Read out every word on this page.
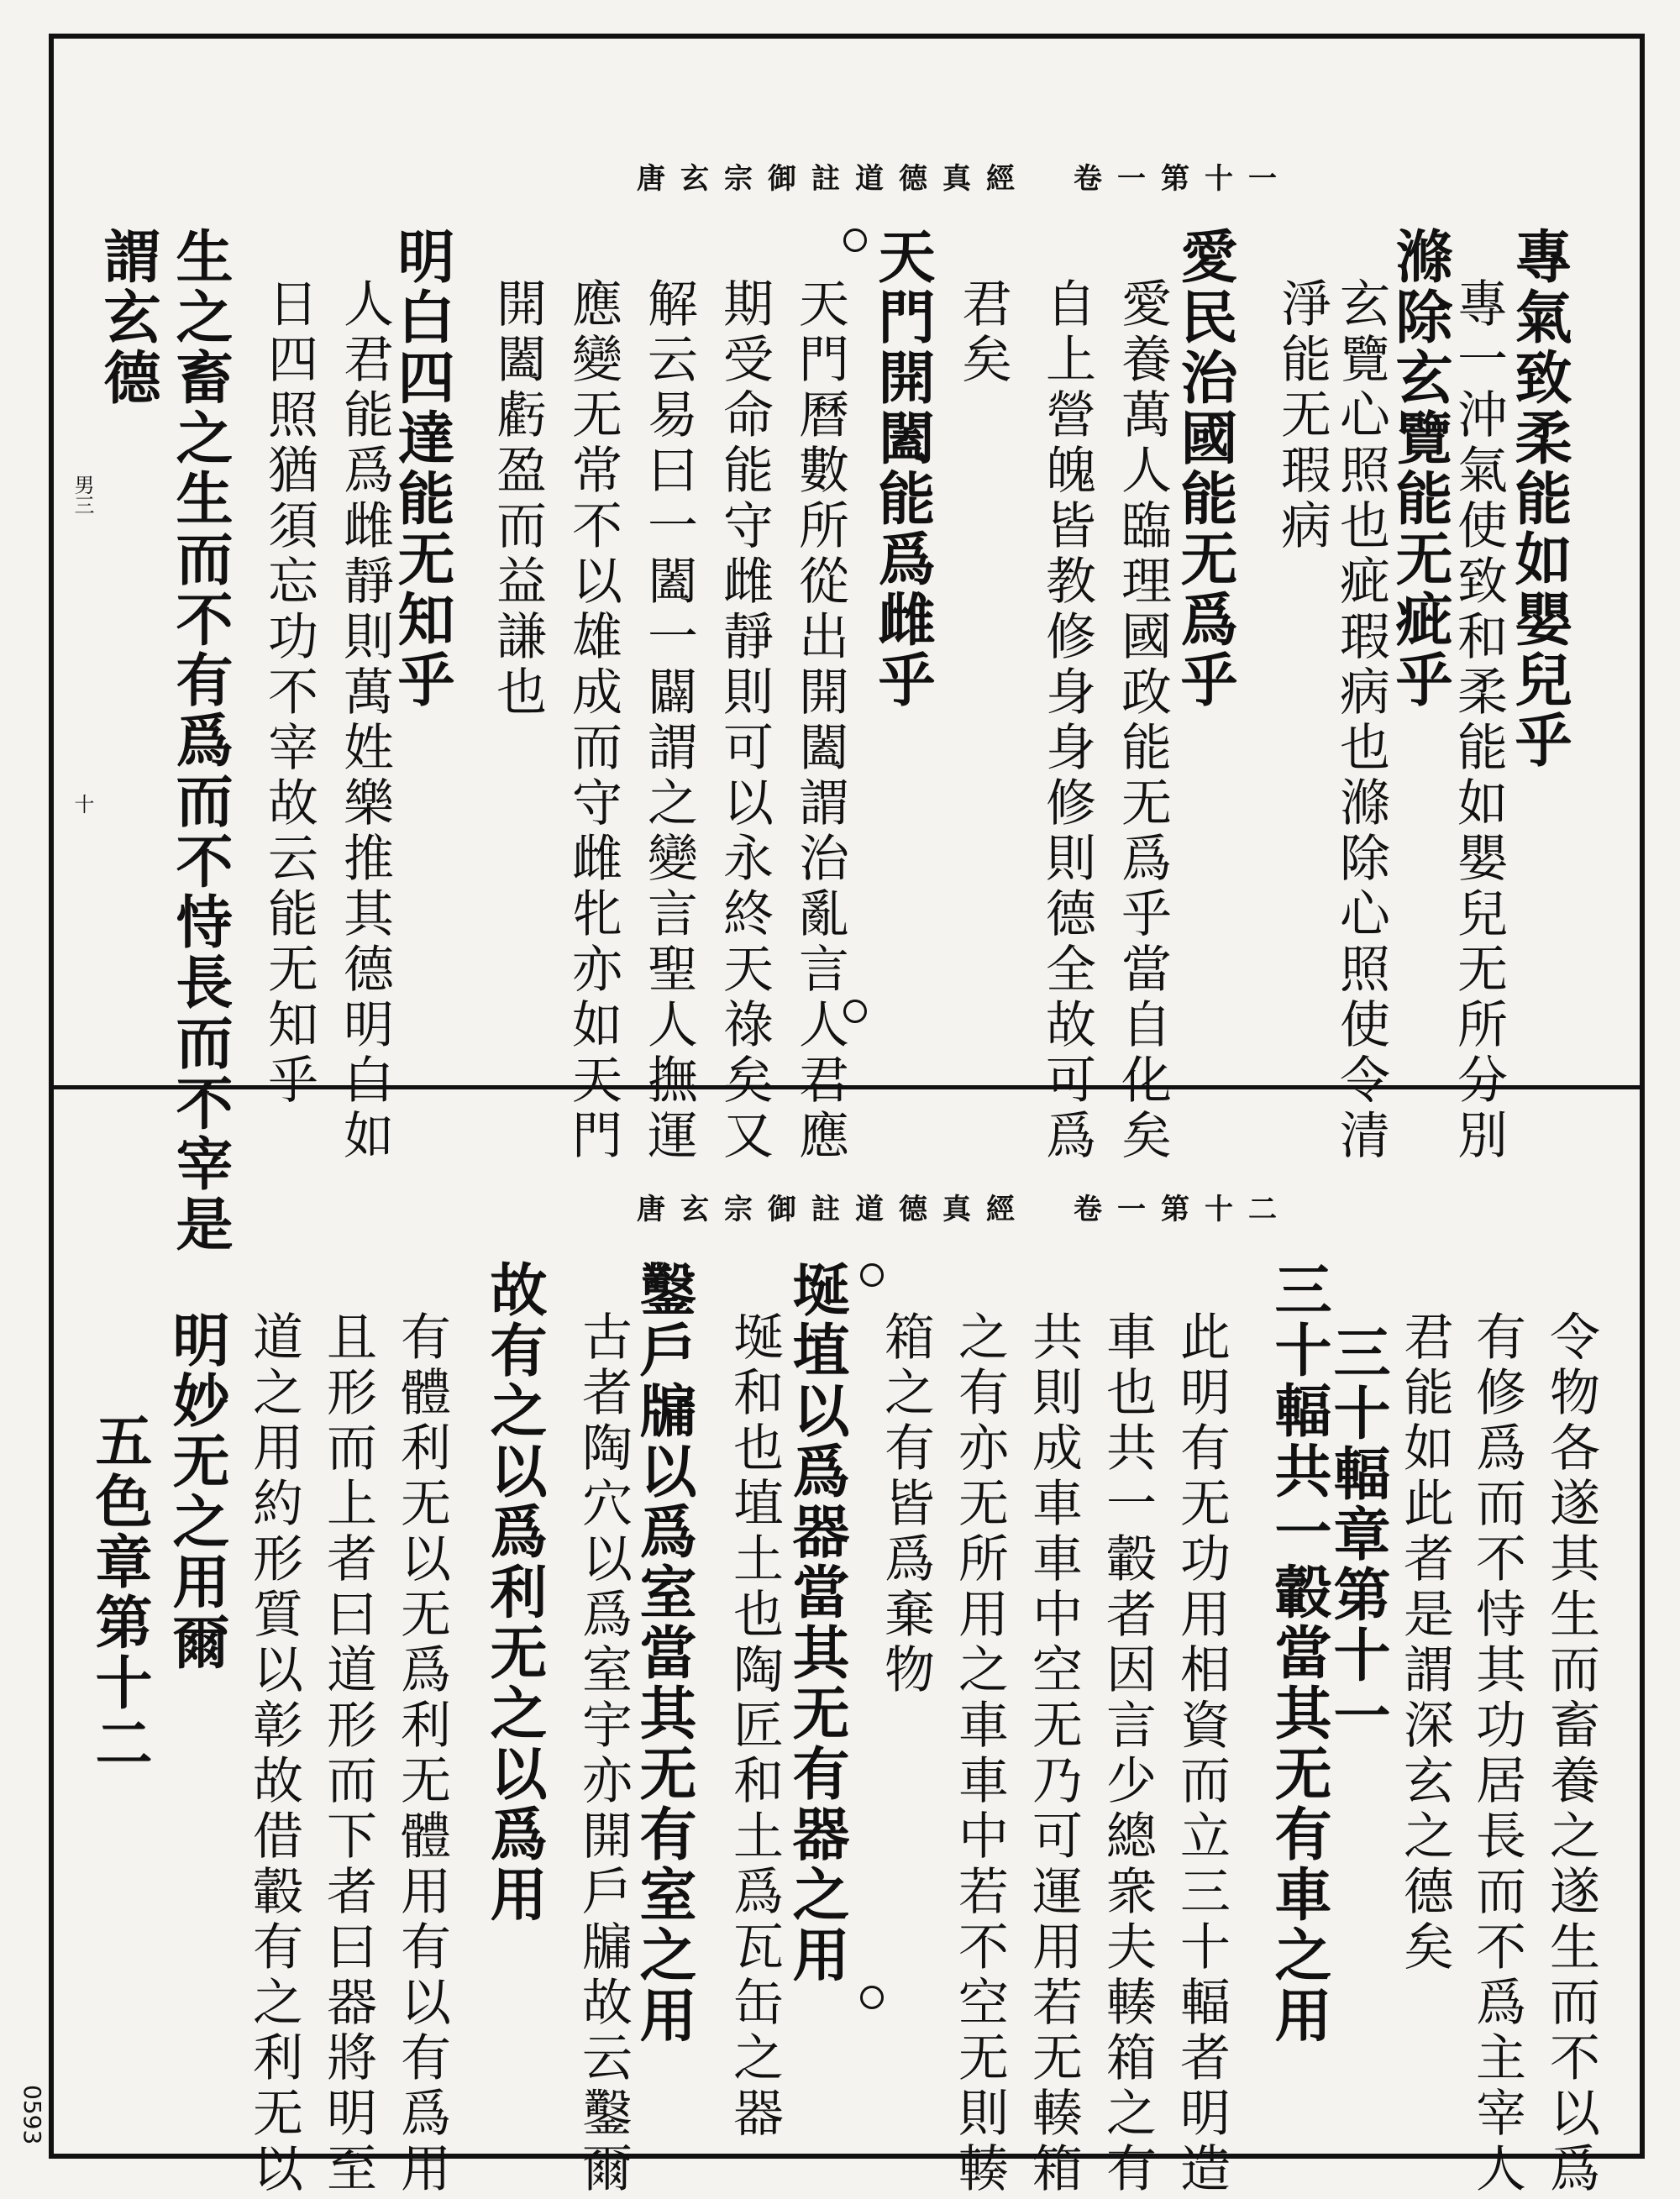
唐玄宗御註道德真經　卷一第十一
專氣致柔能如嬰兒乎
專一沖氣使致和柔能如嬰兒无所分別
滌除玄覽能无疵乎
玄覽心照也疵瑕病也滌除心照使令清
淨能无瑕病
愛民治國能无爲乎
愛養萬人臨理國政能无爲乎當自化矣
自上營魄皆教修身身修則德全故可爲
君矣
天門開闔能爲雌乎
天門曆數所從出開闔謂治亂言人君應
期受命能守雌靜則可以永終天祿矣又
解云易曰一闔一闢謂之變言聖人撫運
應變无常不以雄成而守雌牝亦如天門
開闔虧盈而益謙也
明白四達能无知乎
人君能爲雌靜則萬姓樂推其德明白如
日四照猶須忘功不宰故云能无知乎
生之畜之生而不有爲而不恃長而不宰是
謂玄德
男三
十
唐玄宗御註道德真經　卷一第十二
令物各遂其生而畜養之遂生而不以爲
有修爲而不恃其功居長而不爲主宰人
君能如此者是謂深玄之德矣
三十輻章第十一
三十輻共一轂當其无有車之用
此明有无功用相資而立三十輻者明造
車也共一轂者因言少總衆夫輳箱之有
共則成車車中空无乃可運用若无輳箱
之有亦无所用之車車中若不空无則輳
箱之有皆爲棄物
埏埴以爲器當其无有器之用
埏和也埴土也陶匠和土爲瓦缶之器
鑿戶牖以爲室當其无有室之用
古者陶穴以爲室宇亦開戶牖故云鑿爾
故有之以爲利无之以爲用
有體利无以无爲利无體用有以有爲用
且形而上者曰道形而下者曰器將明至
道之用約形質以彰故借轂有之利无以
明妙无之用爾
五色章第十二
0593
